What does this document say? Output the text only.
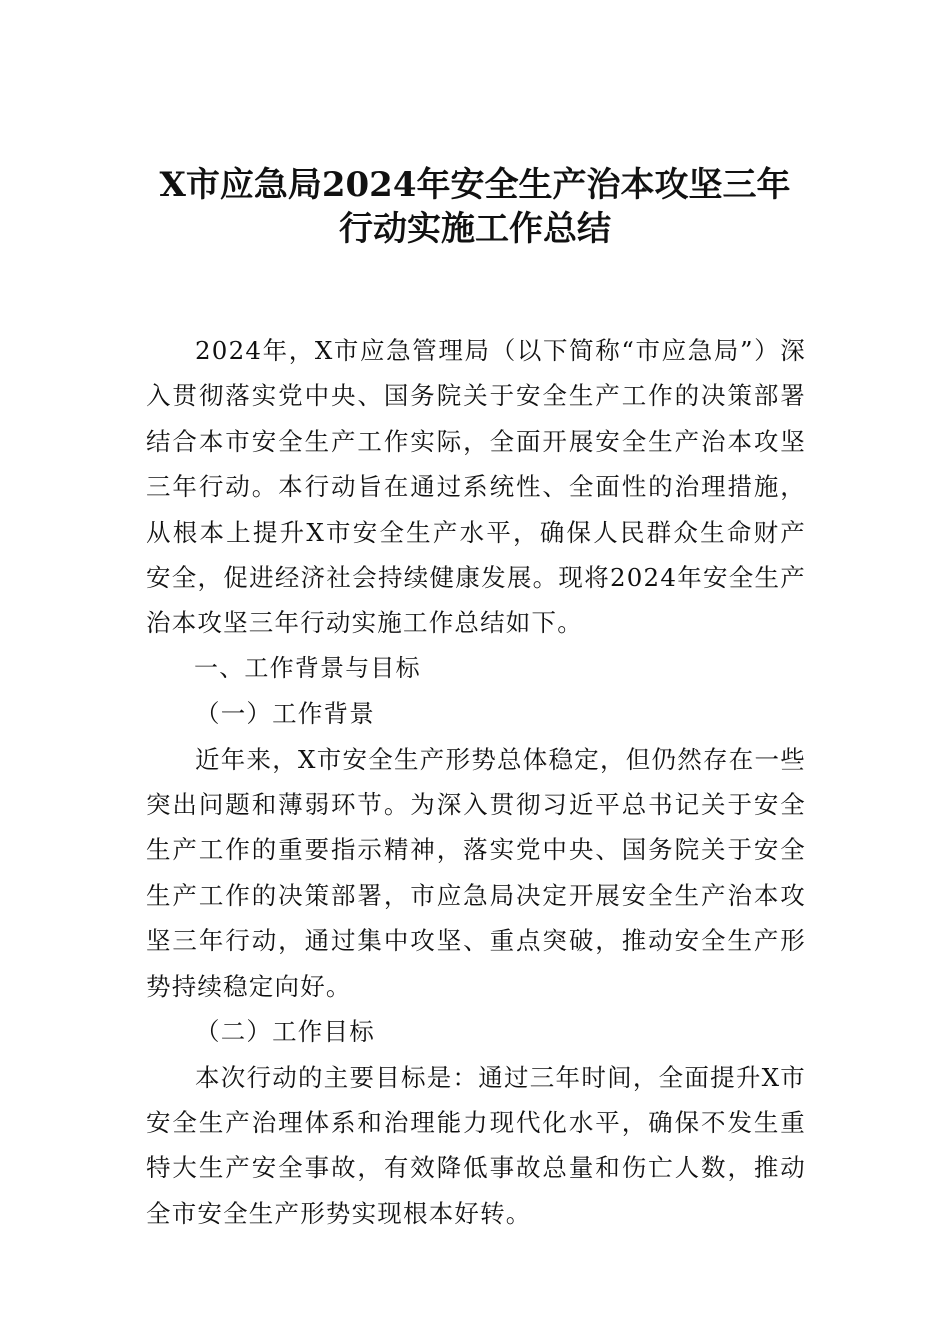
X市应急局2024年安全生产治本攻坚三年
行动实施工作总结

2024年，X市应急管理局（以下简称“市应急局”）深入贯彻落实党中央、国务院关于安全生产工作的决策部署结合本市安全生产工作实际，全面开展安全生产治本攻坚三年行动。本行动旨在通过系统性、全面性的治理措施，从根本上提升X市安全生产水平，确保人民群众生命财产安全，促进经济社会持续健康发展。现将2024年安全生产治本攻坚三年行动实施工作总结如下。

一、工作背景与目标

（一）工作背景

近年来，X市安全生产形势总体稳定，但仍然存在一些突出问题和薄弱环节。为深入贯彻习近平总书记关于安全生产工作的重要指示精神，落实党中央、国务院关于安全生产工作的决策部署，市应急局决定开展安全生产治本攻坚三年行动，通过集中攻坚、重点突破，推动安全生产形势持续稳定向好。

（二）工作目标

本次行动的主要目标是：通过三年时间，全面提升X市安全生产治理体系和治理能力现代化水平，确保不发生重特大生产安全事故，有效降低事故总量和伤亡人数，推动全市安全生产形势实现根本好转。
